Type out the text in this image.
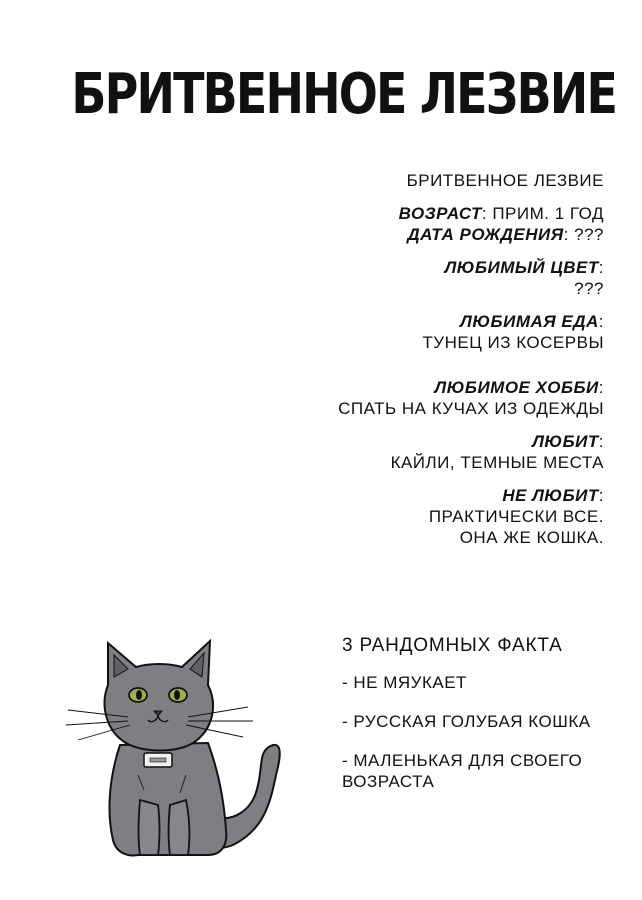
БРИТВЕННОЕ ЛЕЗВИЕ
БРИТВЕННОЕ ЛЕЗВИЕ
ВОЗРАСТ: ПРИМ. 1 ГОД
ДАТА РОЖДЕНИЯ: ???
ЛЮБИМЫЙ ЦВЕТ:
???
ЛЮБИМАЯ ЕДА:
ТУНЕЦ ИЗ КОСЕРВЫ
ЛЮБИМОЕ ХОББИ:
СПАТЬ НА КУЧАХ ИЗ ОДЕЖДЫ
ЛЮБИТ:
КАЙЛИ, ТЕМНЫЕ МЕСТА
НЕ ЛЮБИТ:
ПРАКТИЧЕСКИ ВСЕ.
ОНА ЖЕ КОШКА.
3 РАНДОМНЫХ ФАКТА
- НЕ МЯУКАЕТ
- РУССКАЯ ГОЛУБАЯ КОШКА
- МАЛЕНЬКАЯ ДЛЯ СВОЕГО ВОЗРАСТА
